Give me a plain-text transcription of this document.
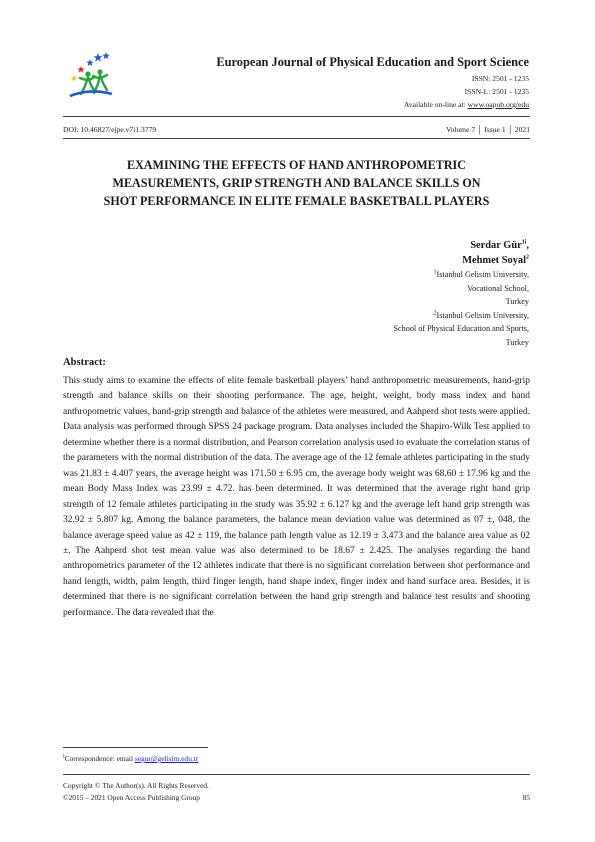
European Journal of Physical Education and Sport Science
ISSN: 2501 - 1235
ISSN-L: 2501 - 1235
Available on-line at: www.oapub.org/edu
DOI: 10.46827/ejpe.v7i1.3779	Volume 7 │ Issue 1 │ 2021
EXAMINING THE EFFECTS OF HAND ANTHROPOMETRIC
MEASUREMENTS, GRIP STRENGTH AND BALANCE SKILLS ON
SHOT PERFORMANCE IN ELITE FEMALE BASKETBALL PLAYERS
Serdar Gür$^{1i}$,
Mehmet Soyal$^2$
$^1$Istanbul Gelisim University,
Vocational School,
Turkey
$^2$Istanbul Gelisim University,
School of Physical Education and Sports,
Turkey
Abstract:
This study aims to examine the effects of elite female basketball players’ hand anthropometric measurements, hand-grip strength and balance skills on their shooting performance. The age, height, weight, body mass index and hand anthropometric values, hand-grip strength and balance of the athletes were measured, and Aahperd shot tests were applied. Data analysis was performed through SPSS 24 package program. Data analyses included the Shapiro-Wilk Test applied to determine whether there is a normal distribution, and Pearson correlation analysis used to evaluate the correlation status of the parameters with the normal distribution of the data. The average age of the 12 female athletes participating in the study was 21.83 ± 4.407 years, the average height was 171.50 ± 6.95 cm, the average body weight was 68.60 ± 17.96 kg and the mean Body Mass Index was 23.99 ± 4.72. has been determined. It was determined that the average right hand grip strength of 12 female athletes participating in the study was 35.92 ± 6.127 kg and the average left hand grip strength was 32.92 ± 5.807 kg. Among the balance parameters, the balance mean deviation value was determined as 07 ±, 048, the balance average speed value as 42 ± 119, the balance path length value as 12.19 ± 3.473 and the balance area value as 02 ±. The Aahperd shot test mean value was also determined to be 18.67 ± 2.425. The analyses regarding the hand anthropometrics parameter of the 12 athletes indicate that there is no significant correlation between shot performance and hand length, width, palm length, third finger length, hand shape index, finger index and hand surface area. Besides, it is determined that there is no significant correlation between the hand grip strength and balance test results and shooting performance. The data revealed that the
$^i$Correspondence: email segur@gelisim.edu.tr
Copyright © The Author(s). All Rights Reserved.
©2015 – 2021 Open Access Publishing Group	85
